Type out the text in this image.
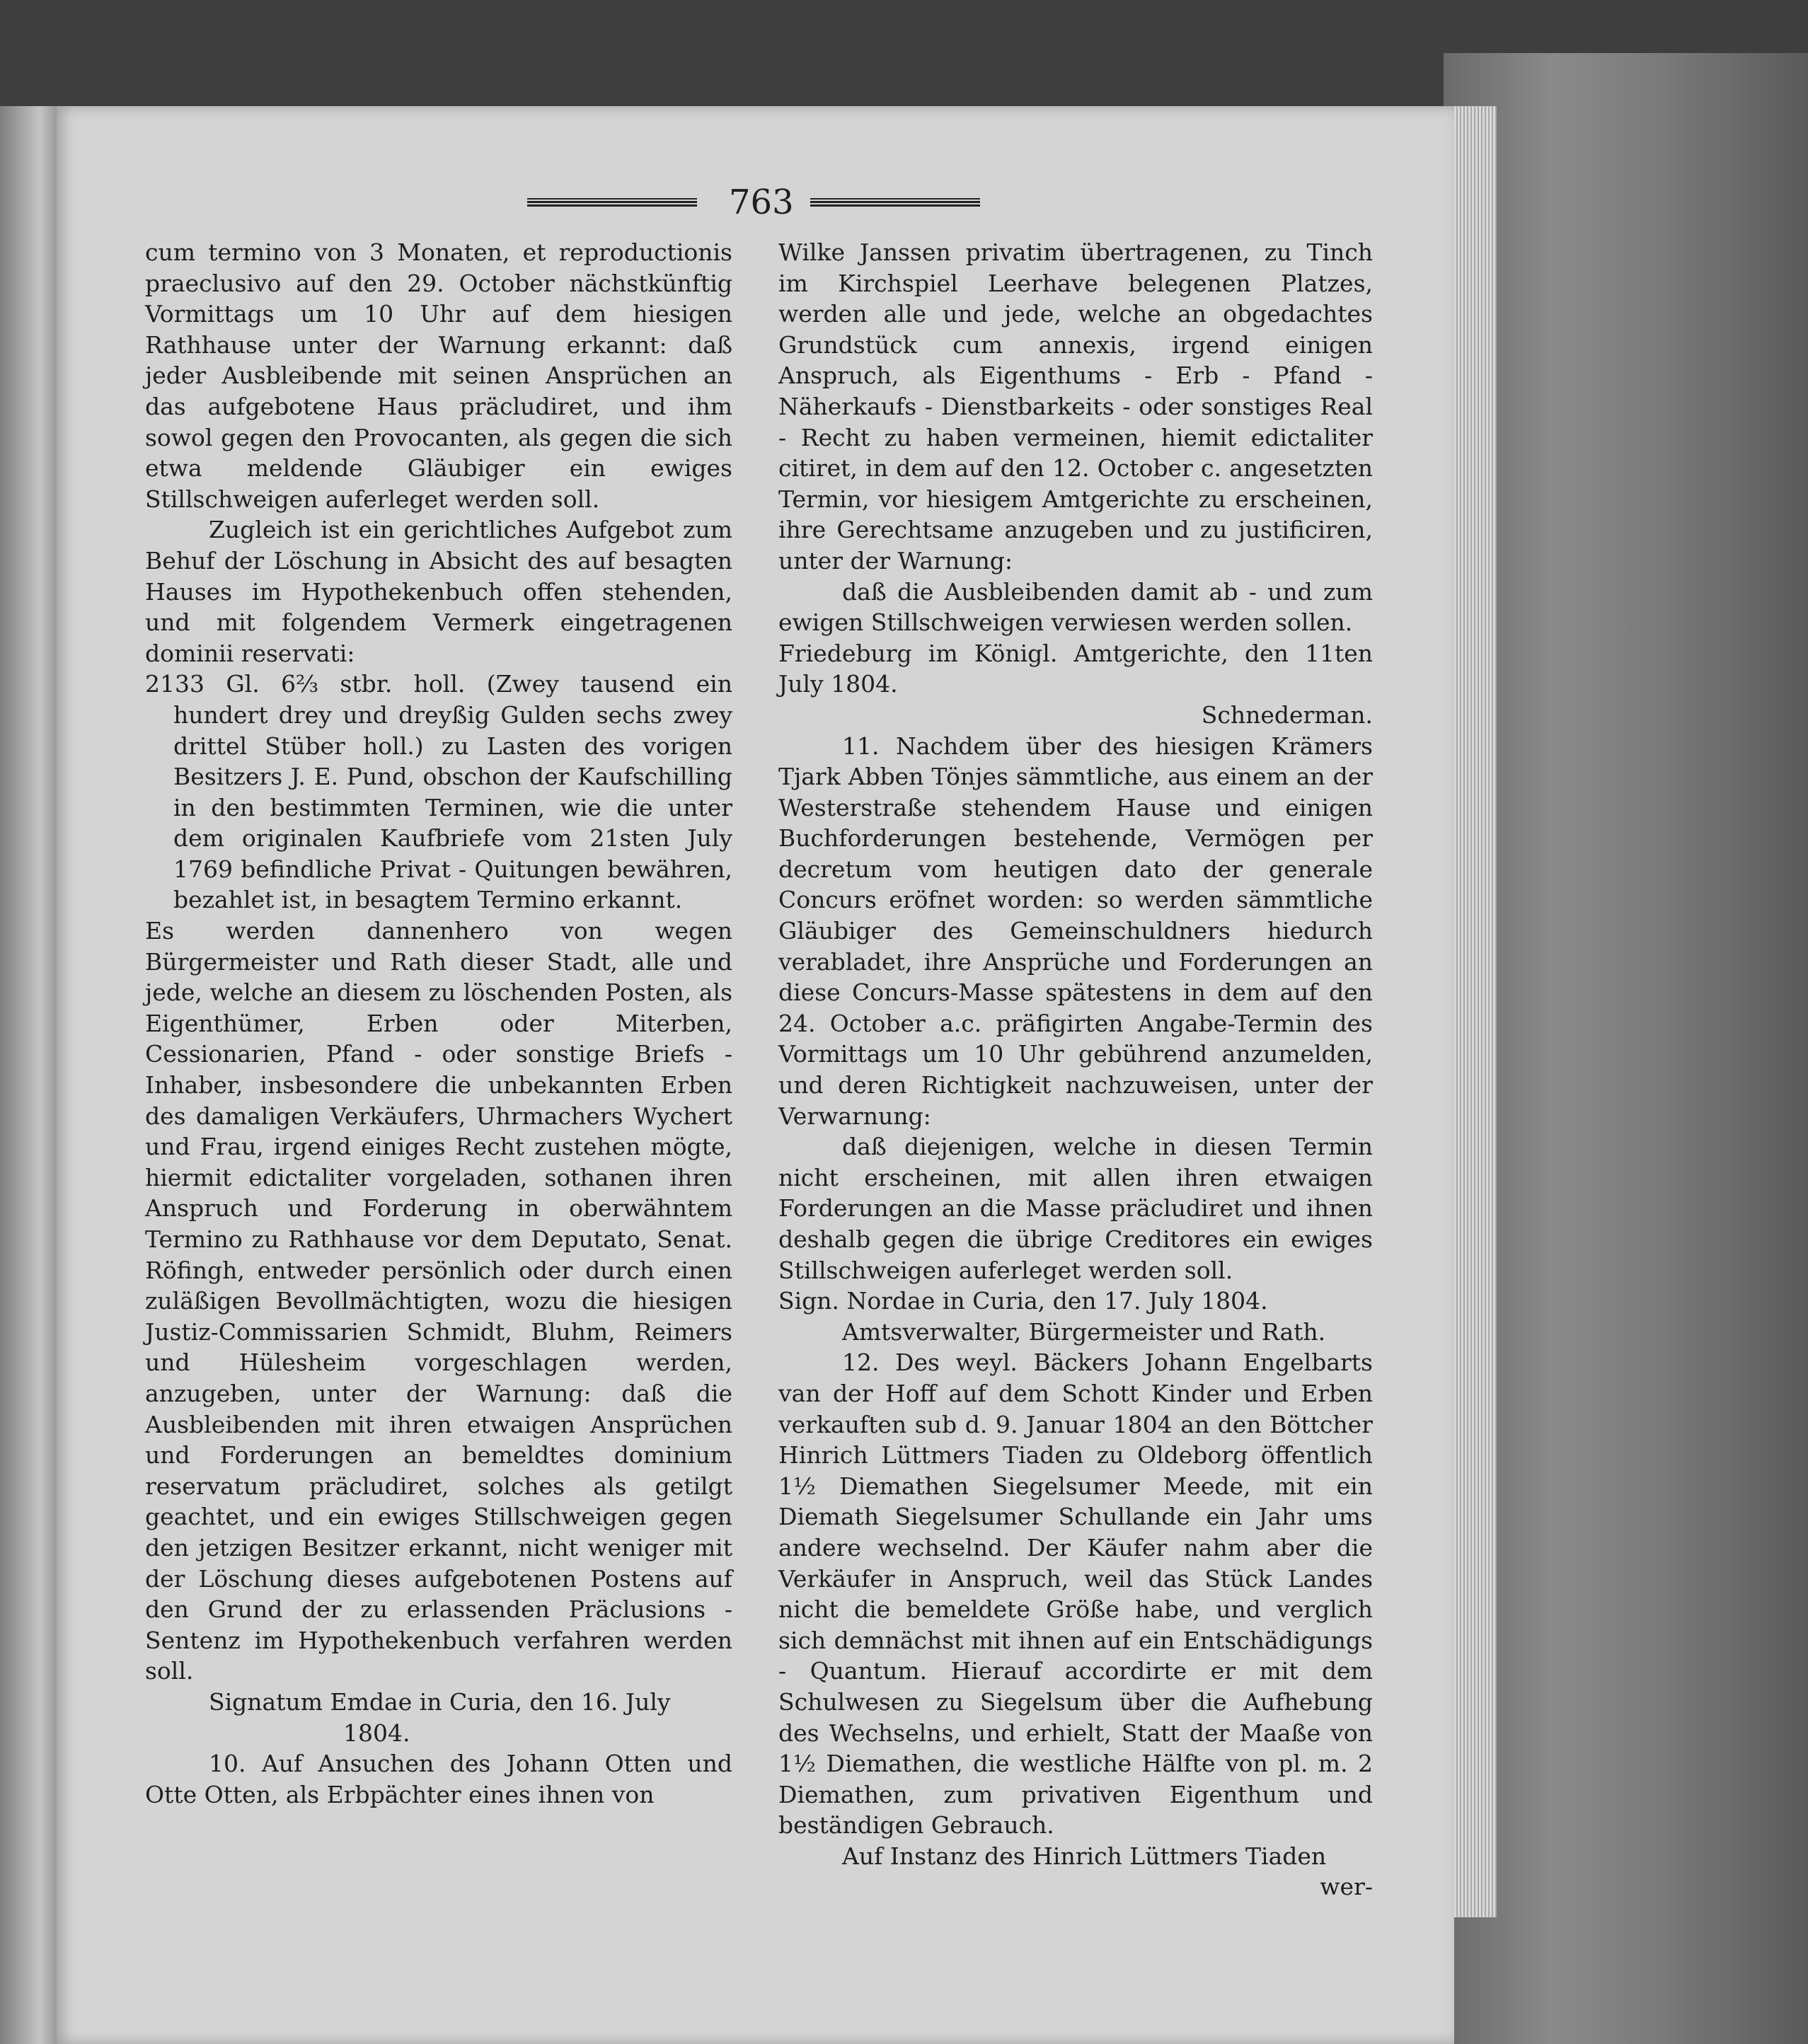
763

cum termino von 3 Monaten, et reproductionis praeclusivo auf den 29. October nächstkünftig Vormittags um 10 Uhr auf dem hiesigen Rathhause unter der Warnung erkannt: daß jeder Ausbleibende mit seinen Ansprüchen an das aufgebotene Haus präcludiret, und ihm sowol gegen den Provocanten, als gegen die sich etwa meldende Gläubiger ein ewiges Stillschweigen auferleget werden soll.

Zugleich ist ein gerichtliches Aufgebot zum Behuf der Löschung in Absicht des auf besagten Hauses im Hypothekenbuch offen stehenden, und mit folgendem Vermerk eingetragenen dominii reservati:

2133 Gl. 6⅔ stbr. holl. (Zwey tausend ein hundert drey und dreyßig Gulden sechs zwey drittel Stüber holl.) zu Lasten des vorigen Besitzers J. E. Pund, obschon der Kaufschilling in den bestimmten Terminen, wie die unter dem originalen Kaufbriefe vom 21sten July 1769 befindliche Privat - Quitungen bewähren, bezahlet ist, in besagtem Termino erkannt.

Es werden dannenhero von wegen Bürgermeister und Rath dieser Stadt, alle und jede, welche an diesem zu löschenden Posten, als Eigenthümer, Erben oder Miterben, Cessionarien, Pfand - oder sonstige Briefs - Inhaber, insbesondere die unbekannten Erben des damaligen Verkäufers, Uhrmachers Wychert und Frau, irgend einiges Recht zustehen mögte, hiermit edictaliter vorgeladen, sothanen ihren Anspruch und Forderung in oberwähntem Termino zu Rathhause vor dem Deputato, Senat. Röfingh, entweder persönlich oder durch einen zuläßigen Bevollmächtigten, wozu die hiesigen Justiz-Commissarien Schmidt, Bluhm, Reimers und Hülesheim vorgeschlagen werden, anzugeben, unter der Warnung: daß die Ausbleibenden mit ihren etwaigen Ansprüchen und Forderungen an bemeldtes dominium reservatum präcludiret, solches als getilgt geachtet, und ein ewiges Stillschweigen gegen den jetzigen Besitzer erkannt, nicht weniger mit der Löschung dieses aufgebotenen Postens auf den Grund der zu erlassenden Präclusions - Sentenz im Hypothekenbuch verfahren werden soll.

Signatum Emdae in Curia, den 16. July

1804.

10. Auf Ansuchen des Johann Otten und Otte Otten, als Erbpächter eines ihnen von

Wilke Janssen privatim übertragenen, zu Tinch im Kirchspiel Leerhave belegenen Platzes, werden alle und jede, welche an obgedachtes Grundstück cum annexis, irgend einigen Anspruch, als Eigenthums - Erb - Pfand - Näherkaufs - Dienstbarkeits - oder sonstiges Real - Recht zu haben vermeinen, hiemit edictaliter citiret, in dem auf den 12. October c. angesetzten Termin, vor hiesigem Amtgerichte zu erscheinen, ihre Gerechtsame anzugeben und zu justificiren, unter der Warnung:

daß die Ausbleibenden damit ab - und zum ewigen Stillschweigen verwiesen werden sollen.

Friedeburg im Königl. Amtgerichte, den 11ten July 1804.

Schnederman.

11. Nachdem über des hiesigen Krämers Tjark Abben Tönjes sämmtliche, aus einem an der Westerstraße stehendem Hause und einigen Buchforderungen bestehende, Vermögen per decretum vom heutigen dato der generale Concurs eröfnet worden: so werden sämmtliche Gläubiger des Gemeinschuldners hiedurch verabladet, ihre Ansprüche und Forderungen an diese Concurs-Masse spätestens in dem auf den 24. October a.c. präfigirten Angabe-Termin des Vormittags um 10 Uhr gebührend anzumelden, und deren Richtigkeit nachzuweisen, unter der Verwarnung:

daß diejenigen, welche in diesen Termin nicht erscheinen, mit allen ihren etwaigen Forderungen an die Masse präcludiret und ihnen deshalb gegen die übrige Creditores ein ewiges Stillschweigen auferleget werden soll.

Sign. Nordae in Curia, den 17. July 1804.

Amtsverwalter, Bürgermeister und Rath.

12. Des weyl. Bäckers Johann Engelbarts van der Hoff auf dem Schott Kinder und Erben verkauften sub d. 9. Januar 1804 an den Böttcher Hinrich Lüttmers Tiaden zu Oldeborg öffentlich 1½ Diemathen Siegelsumer Meede, mit ein Diemath Siegelsumer Schullande ein Jahr ums andere wechselnd. Der Käufer nahm aber die Verkäufer in Anspruch, weil das Stück Landes nicht die bemeldete Größe habe, und verglich sich demnächst mit ihnen auf ein Entschädigungs - Quantum. Hierauf accordirte er mit dem Schulwesen zu Siegelsum über die Aufhebung des Wechselns, und erhielt, Statt der Maaße von 1½ Diemathen, die westliche Hälfte von pl. m. 2 Diemathen, zum privativen Eigenthum und beständigen Gebrauch.

Auf Instanz des Hinrich Lüttmers Tiaden

wer-
